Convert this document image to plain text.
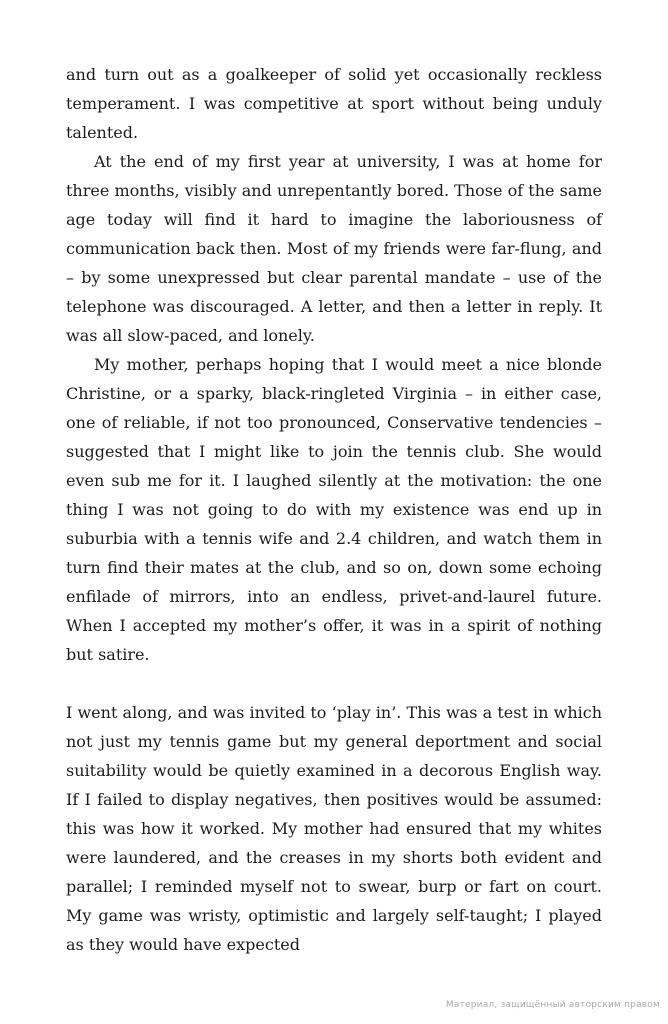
and turn out as a goalkeeper of solid yet occasionally reckless temperament. I was competitive at sport without being unduly talented.

At the end of my first year at university, I was at home for three months, visibly and unrepentantly bored. Those of the same age today will find it hard to imagine the laboriousness of communication back then. Most of my friends were far-flung, and – by some unexpressed but clear parental mandate – use of the telephone was discouraged. A letter, and then a letter in reply. It was all slow-paced, and lonely.

My mother, perhaps hoping that I would meet a nice blonde Christine, or a sparky, black-ringleted Virginia – in either case, one of reliable, if not too pronounced, Conservative tendencies – suggested that I might like to join the tennis club. She would even sub me for it. I laughed silently at the motivation: the one thing I was not going to do with my existence was end up in suburbia with a tennis wife and 2.4 children, and watch them in turn find their mates at the club, and so on, down some echoing enfilade of mirrors, into an endless, privet-and-laurel future. When I accepted my mother’s offer, it was in a spirit of nothing but satire.

I went along, and was invited to ‘play in’. This was a test in which not just my tennis game but my general deportment and social suitability would be quietly examined in a decorous English way. If I failed to display negatives, then positives would be assumed: this was how it worked. My mother had ensured that my whites were laundered, and the creases in my shorts both evident and parallel; I reminded myself not to swear, burp or fart on court. My game was wristy, optimistic and largely self-taught; I played as they would have expected

Материал, защищённый авторским правом
